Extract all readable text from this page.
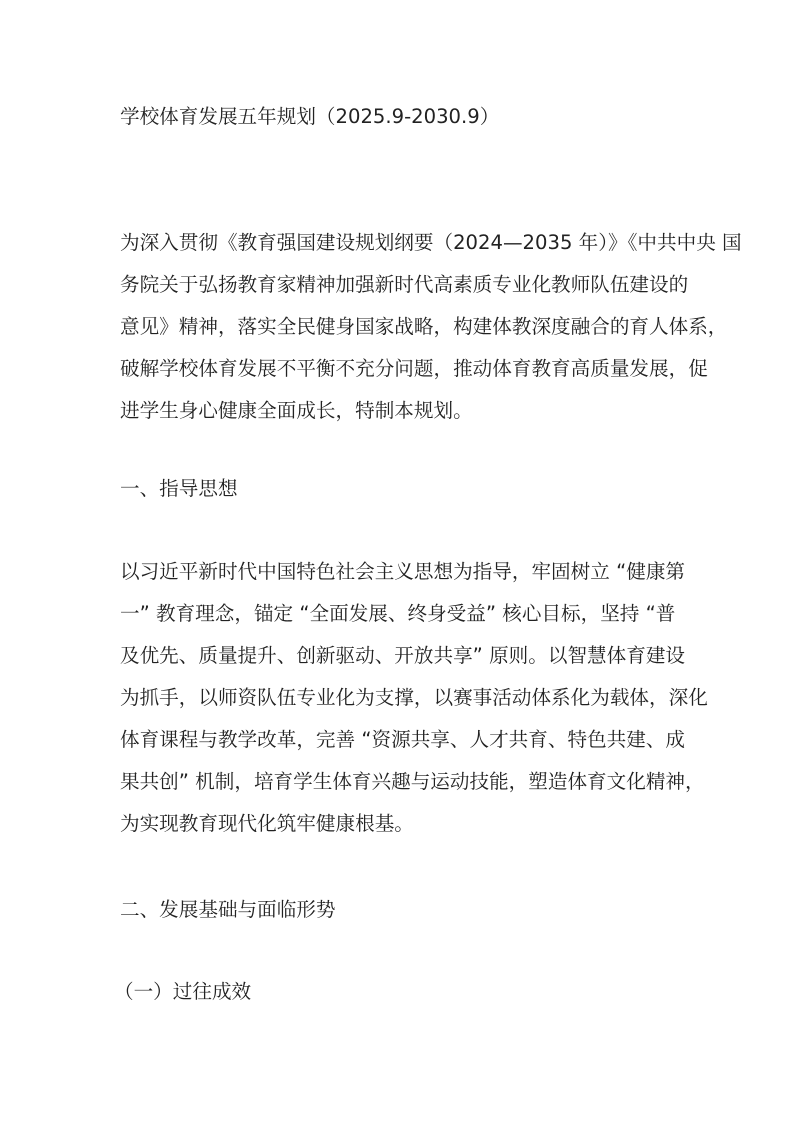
学校体育发展五年规划（2025.9-2030.9）
为深入贯彻《教育强国建设规划纲要（2024—2035 年）》《中共中央 国
务院关于弘扬教育家精神加强新时代高素质专业化教师队伍建设的
意见》精神，落实全民健身国家战略，构建体教深度融合的育人体系，
破解学校体育发展不平衡不充分问题，推动体育教育高质量发展，促
进学生身心健康全面成长，特制本规划。
一、指导思想
以习近平新时代中国特色社会主义思想为指导，牢固树立 “健康第
一” 教育理念，锚定 “全面发展、终身受益” 核心目标，坚持 “普
及优先、质量提升、创新驱动、开放共享” 原则。以智慧体育建设
为抓手，以师资队伍专业化为支撑，以赛事活动体系化为载体，深化
体育课程与教学改革，完善 “资源共享、人才共育、特色共建、成
果共创” 机制，培育学生体育兴趣与运动技能，塑造体育文化精神，
为实现教育现代化筑牢健康根基。
二、发展基础与面临形势
（一）过往成效
